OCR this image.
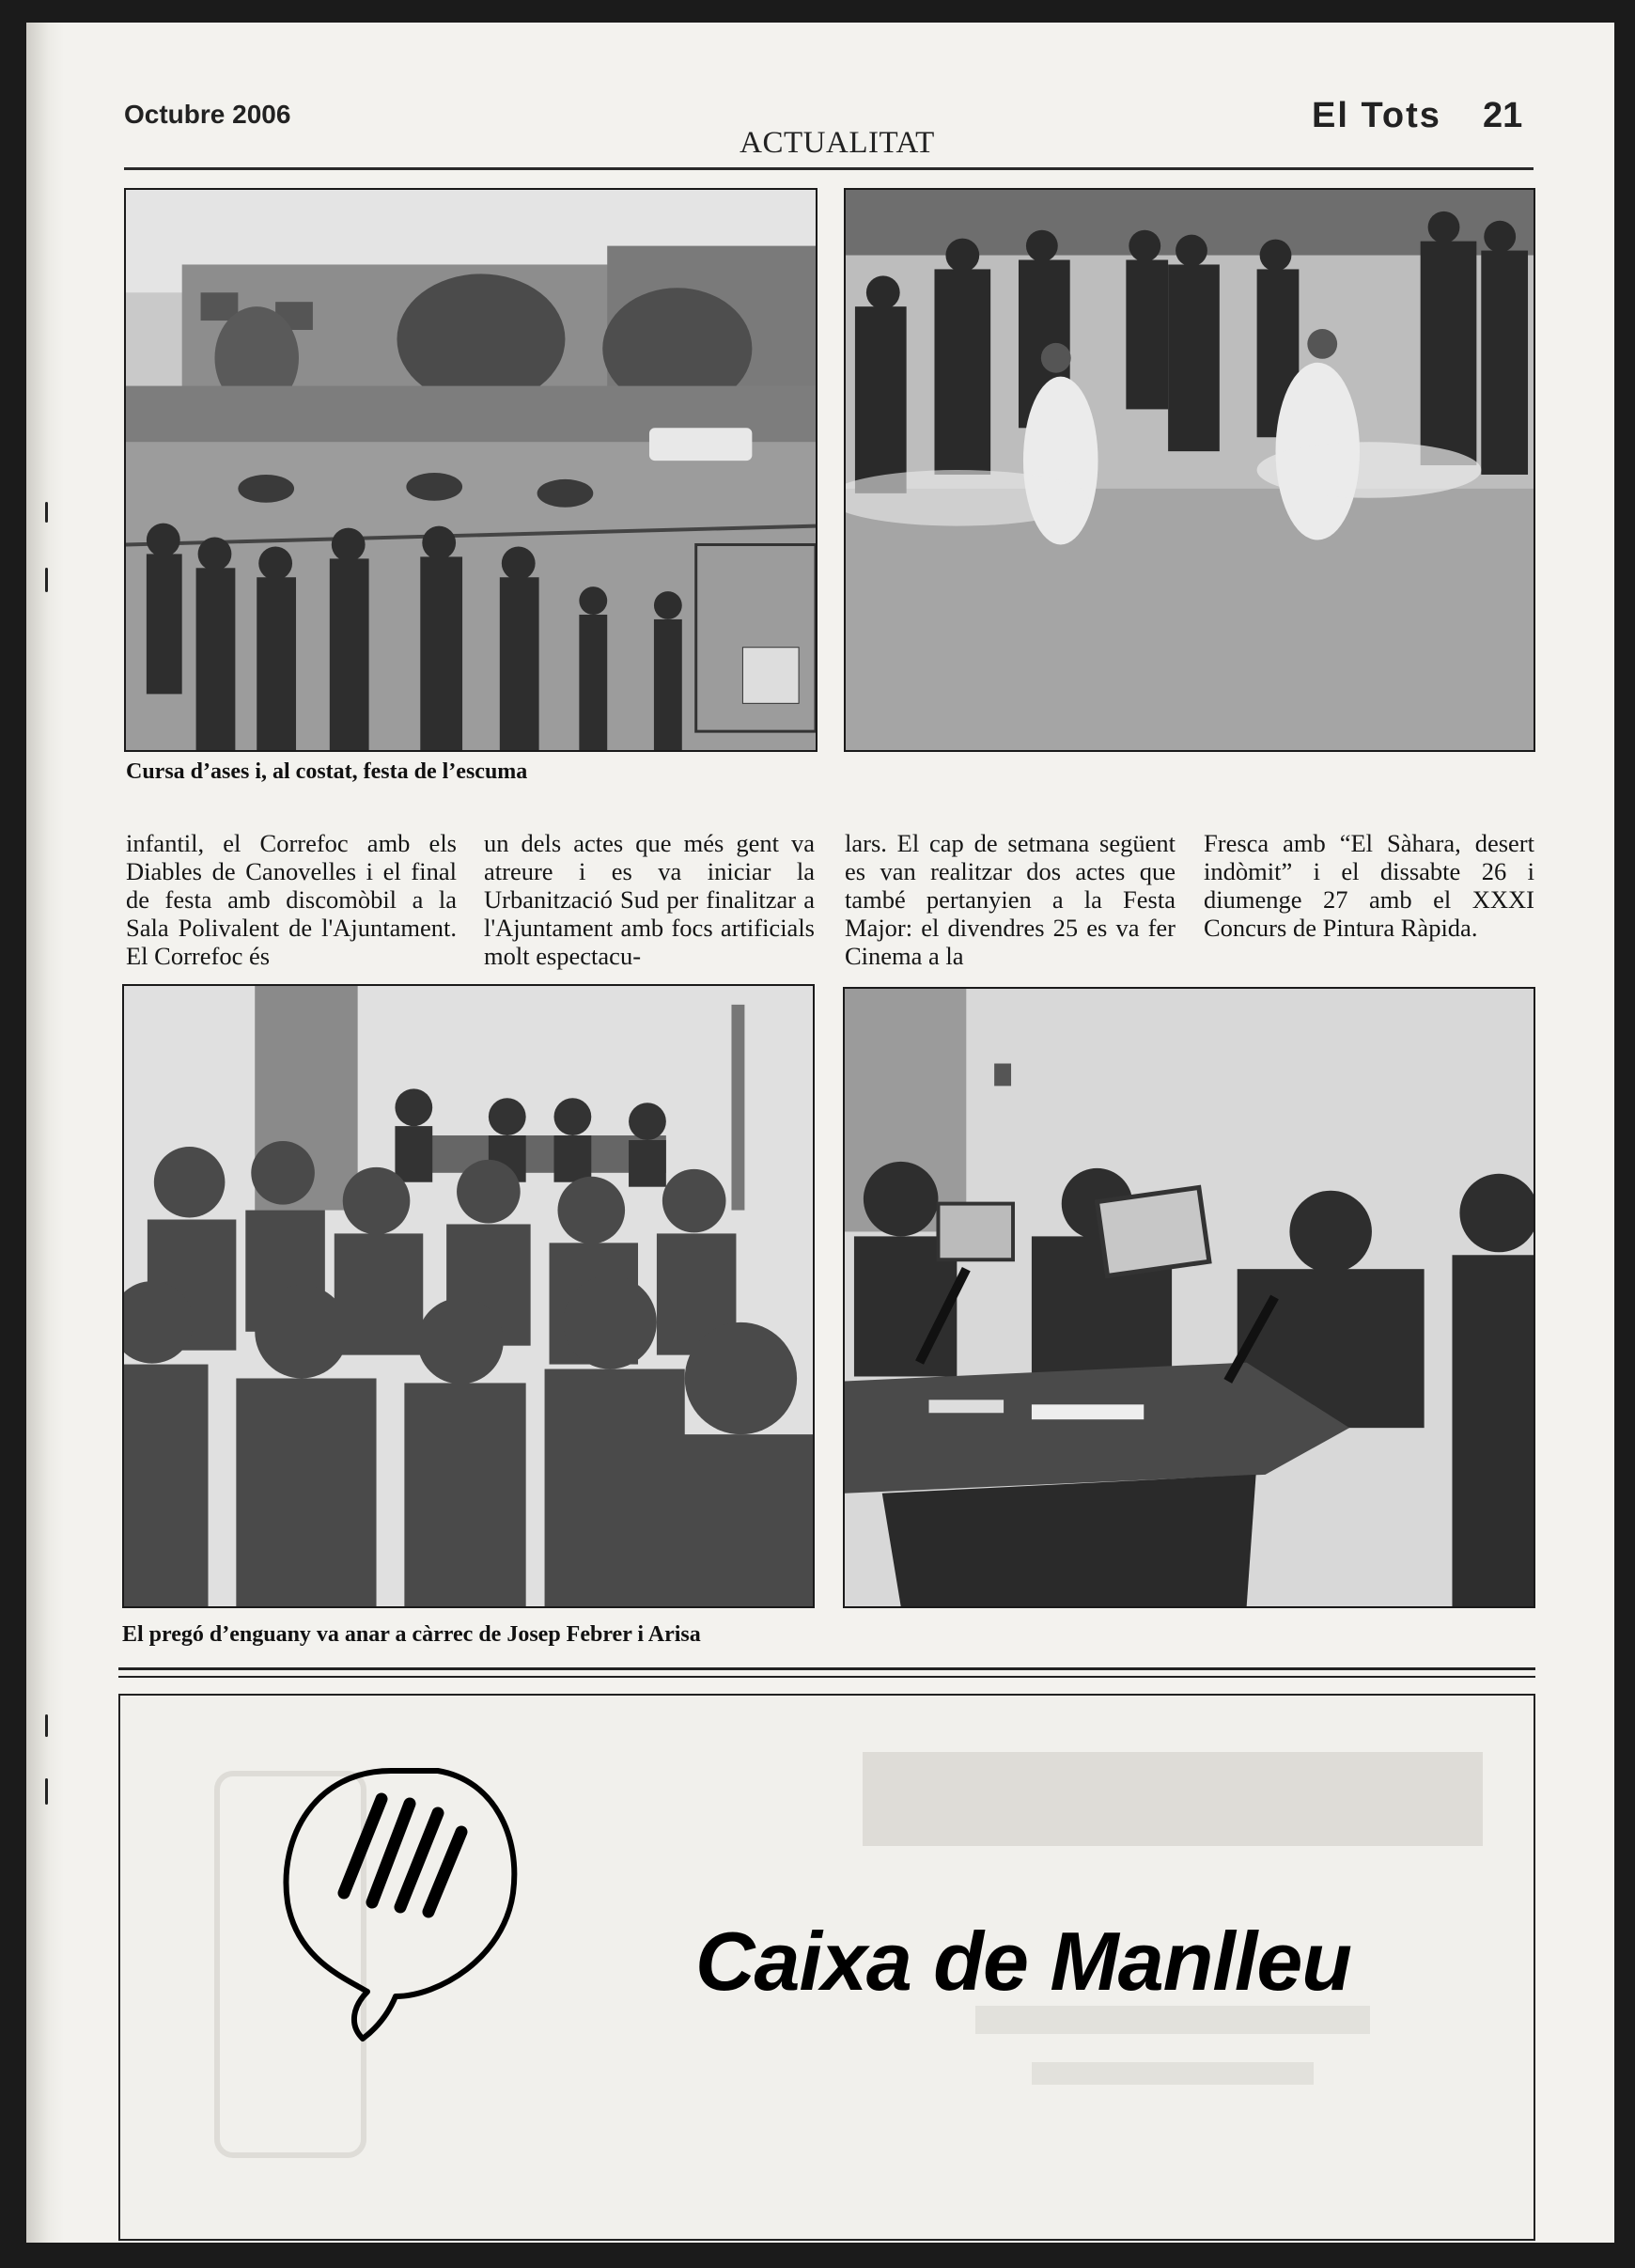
Octubre 2006
ACTUALITAT
El Tots 21
Cursa d’ases i, al costat, festa de l’escuma

infantil, el Correfoc amb els Diables de Canovelles i el final de festa amb discomòbil a la Sala Polivalent de l'Ajuntament. El Correfoc és

un dels actes que més gent va atreure i es va iniciar la Urbanització Sud per finalitzar a l'Ajuntament amb focs artificials molt espectacu-

lars. El cap de setmana següent es van realitzar dos actes que també pertanyien a la Festa Major: el divendres 25 es va fer Cinema a la

Fresca amb “El Sàhara, desert indòmit” i el dissabte 26 i diumenge 27 amb el XXXI Concurs de Pintura Ràpida.

El pregó d’enguany va anar a càrrec de Josep Febrer i Arisa
Caixa de Manlleu
